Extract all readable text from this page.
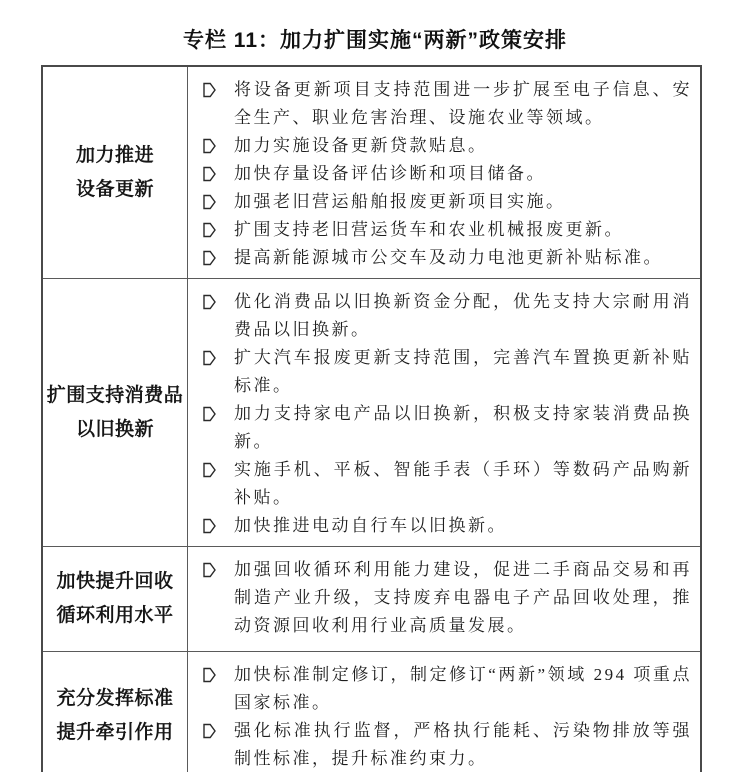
专栏 11：加力扩围实施“两新”政策安排
加力推进
设备更新
将设备更新项目支持范围进一步扩展至电子信息、安全生产、职业危害治理、设施农业等领域。
加力实施设备更新贷款贴息。
加快存量设备评估诊断和项目储备。
加强老旧营运船舶报废更新项目实施。
扩围支持老旧营运货车和农业机械报废更新。
提高新能源城市公交车及动力电池更新补贴标准。
扩围支持消费品
以旧换新
优化消费品以旧换新资金分配，优先支持大宗耐用消费品以旧换新。
扩大汽车报废更新支持范围，完善汽车置换更新补贴标准。
加力支持家电产品以旧换新，积极支持家装消费品换新。
实施手机、平板、智能手表（手环）等数码产品购新补贴。
加快推进电动自行车以旧换新。
加快提升回收
循环利用水平
加强回收循环利用能力建设，促进二手商品交易和再制造产业升级，支持废弃电器电子产品回收处理，推动资源回收利用行业高质量发展。
充分发挥标准
提升牵引作用
加快标准制定修订，制定修订“两新”领域 294 项重点国家标准。
强化标准执行监督，严格执行能耗、污染物排放等强制性标准，提升标准约束力。
